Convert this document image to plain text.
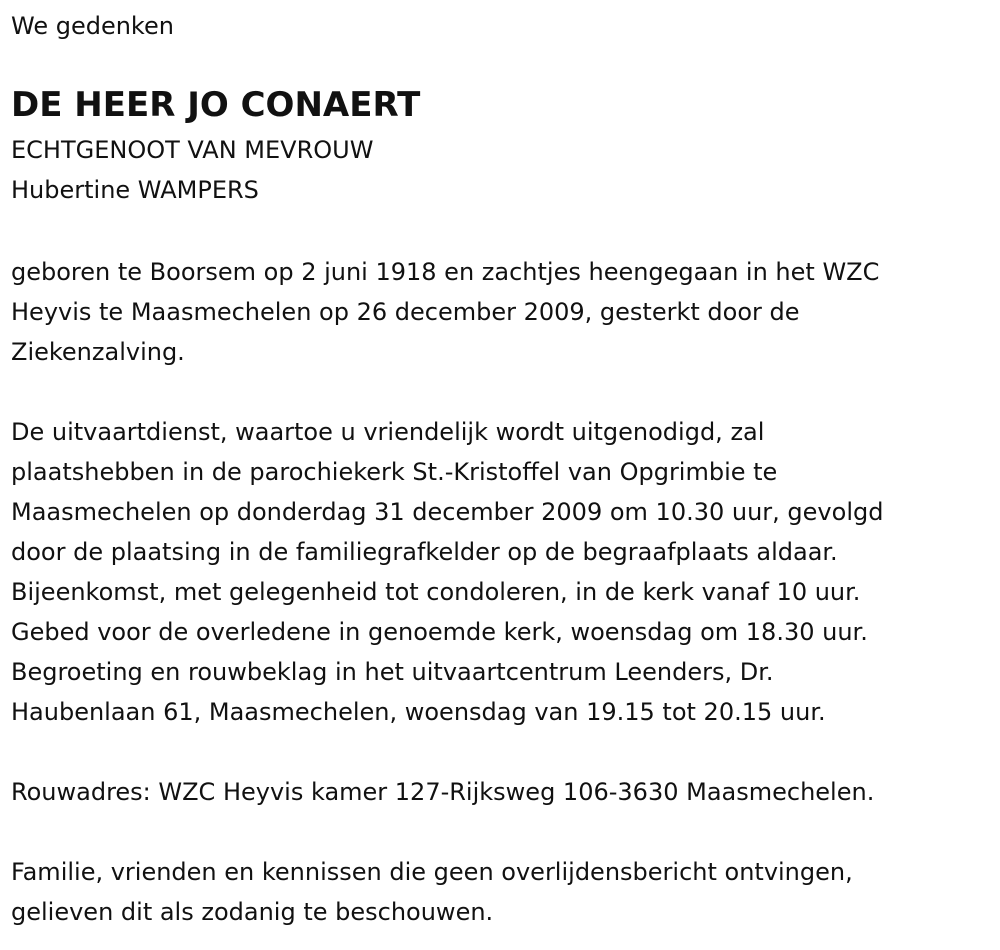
We gedenken
DE HEER JO CONAERT
ECHTGENOOT VAN MEVROUW
Hubertine WAMPERS
geboren te Boorsem op 2 juni 1918 en zachtjes heengegaan in het WZC
Heyvis te Maasmechelen op 26 december 2009, gesterkt door de
Ziekenzalving.
De uitvaartdienst, waartoe u vriendelijk wordt uitgenodigd, zal
plaatshebben in de parochiekerk St.-Kristoffel van Opgrimbie te
Maasmechelen op donderdag 31 december 2009 om 10.30 uur, gevolgd
door de plaatsing in de familiegrafkelder op de begraafplaats aldaar.
Bijeenkomst, met gelegenheid tot condoleren, in de kerk vanaf 10 uur.
Gebed voor de overledene in genoemde kerk, woensdag om 18.30 uur.
Begroeting en rouwbeklag in het uitvaartcentrum Leenders, Dr.
Haubenlaan 61, Maasmechelen, woensdag van 19.15 tot 20.15 uur.
Rouwadres: WZC Heyvis kamer 127-Rijksweg 106-3630 Maasmechelen.
Familie, vrienden en kennissen die geen overlijdensbericht ontvingen,
gelieven dit als zodanig te beschouwen.
